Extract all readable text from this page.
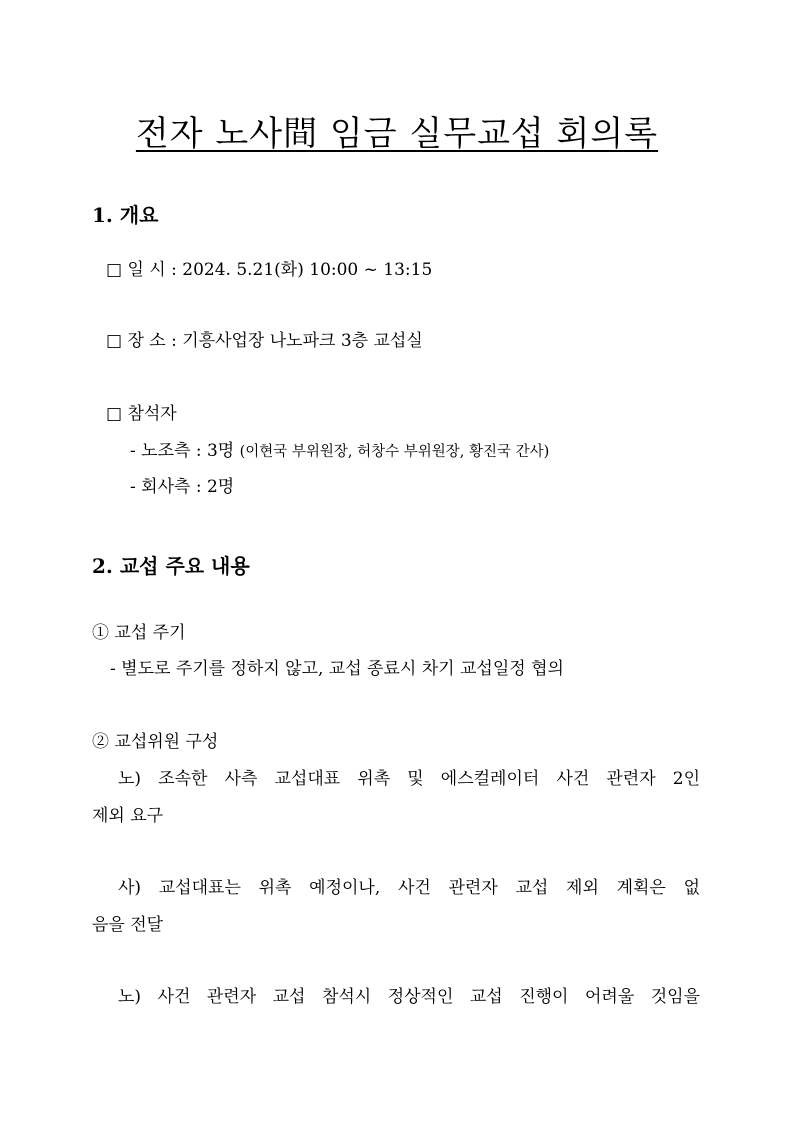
전자 노사間 임금 실무교섭 회의록
1. 개요
□ 일 시 : 2024. 5.21(화) 10:00 ~ 13:15
□ 장 소 : 기흥사업장 나노파크 3층 교섭실
□ 참석자
- 노조측 : 3명 (이현국 부위원장, 허창수 부위원장, 황진국 간사)
- 회사측 : 2명
2. 교섭 주요 내용
① 교섭 주기
- 별도로 주기를 정하지 않고, 교섭 종료시 차기 교섭일정 협의
② 교섭위원 구성
노) 조속한 사측 교섭대표 위촉 및 에스컬레이터 사건 관련자 2인
제외 요구
사) 교섭대표는 위촉 예정이나, 사건 관련자 교섭 제외 계획은 없
음을 전달
노) 사건 관련자 교섭 참석시 정상적인 교섭 진행이 어려울 것임을
